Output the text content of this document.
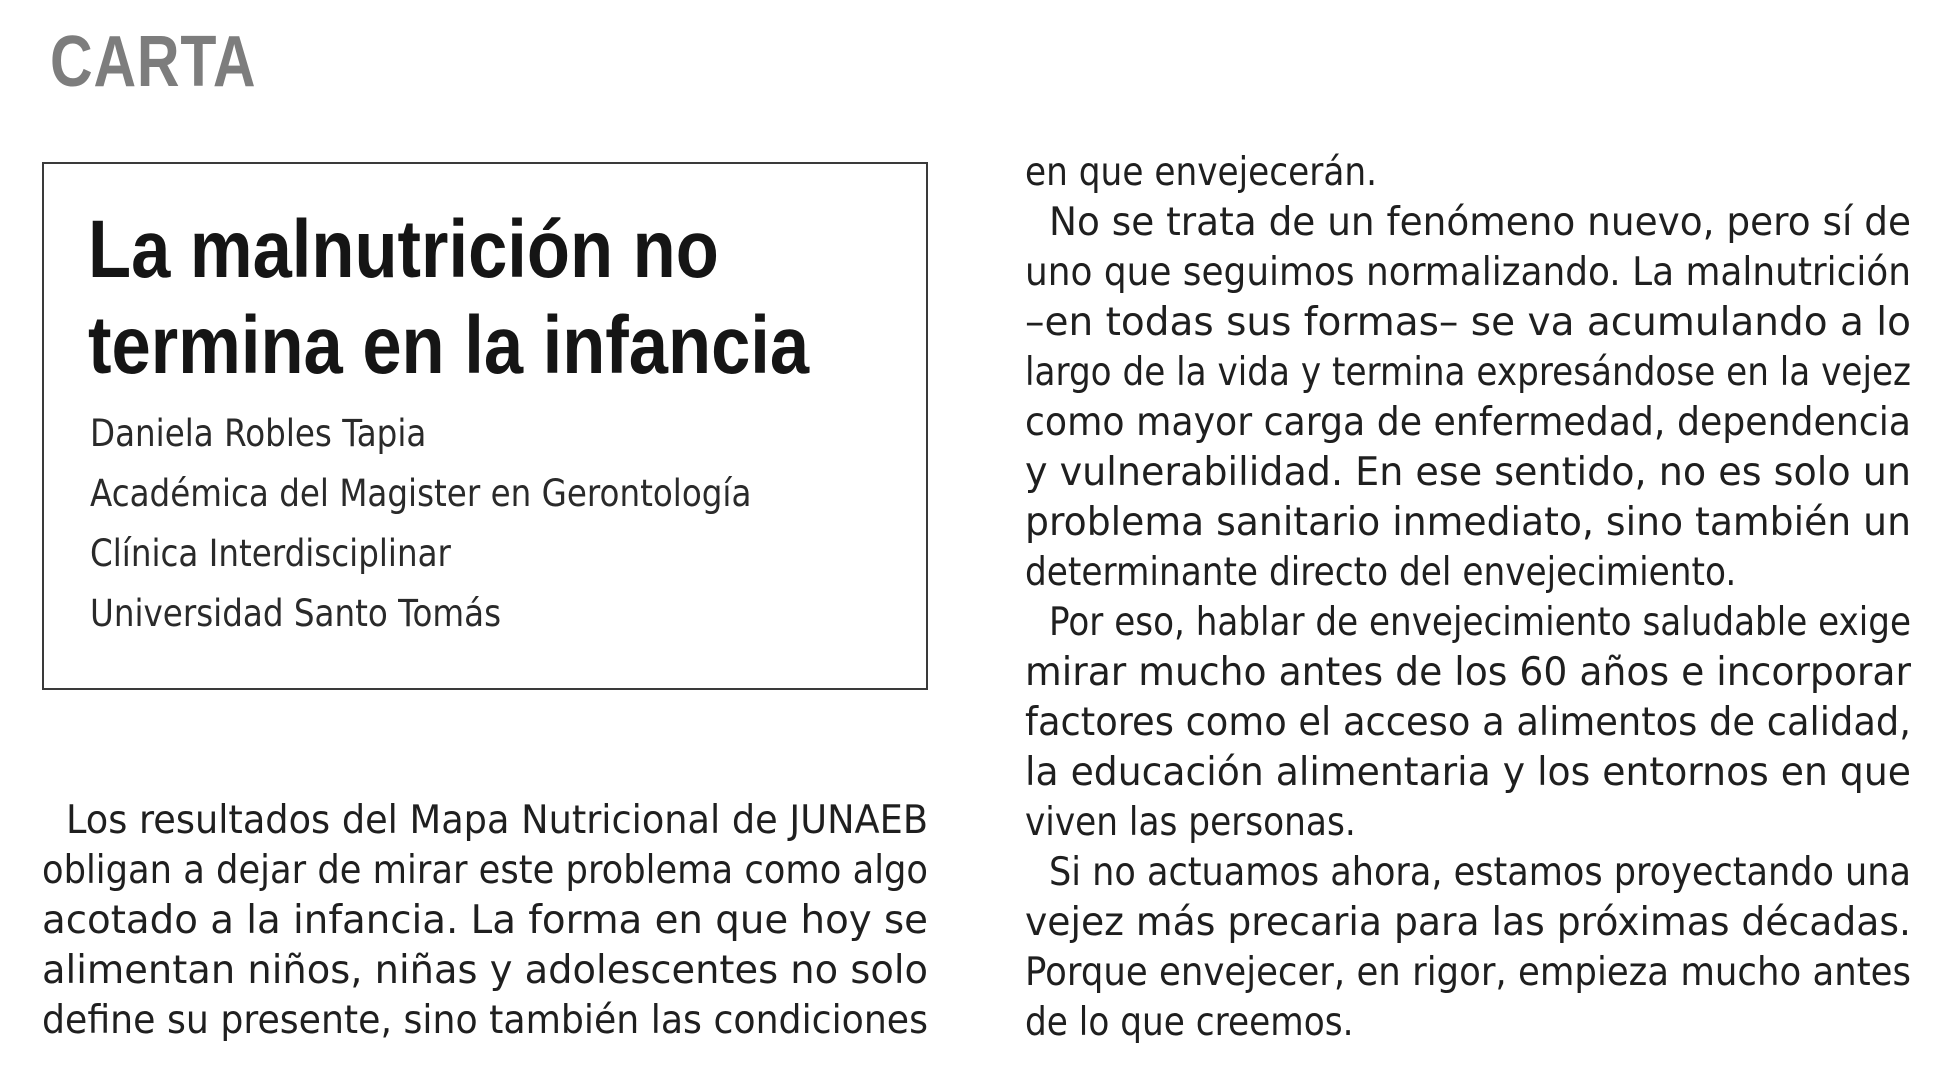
CARTA
La malnutrición no
termina en la infancia
Daniela Robles Tapia
Académica del Magister en Gerontología
Clínica Interdisciplinar
Universidad Santo Tomás
Los resultados del Mapa Nutricional de JUNAEB
obligan a dejar de mirar este problema como algo
acotado a la infancia. La forma en que hoy se
alimentan niños, niñas y adolescentes no solo
define su presente, sino también las condiciones
en que envejecerán.
No se trata de un fenómeno nuevo, pero sí de
uno que seguimos normalizando. La malnutrición
–en todas sus formas– se va acumulando a lo
largo de la vida y termina expresándose en la vejez
como mayor carga de enfermedad, dependencia
y vulnerabilidad. En ese sentido, no es solo un
problema sanitario inmediato, sino también un
determinante directo del envejecimiento.
Por eso, hablar de envejecimiento saludable exige
mirar mucho antes de los 60 años e incorporar
factores como el acceso a alimentos de calidad,
la educación alimentaria y los entornos en que
viven las personas.
Si no actuamos ahora, estamos proyectando una
vejez más precaria para las próximas décadas.
Porque envejecer, en rigor, empieza mucho antes
de lo que creemos.
